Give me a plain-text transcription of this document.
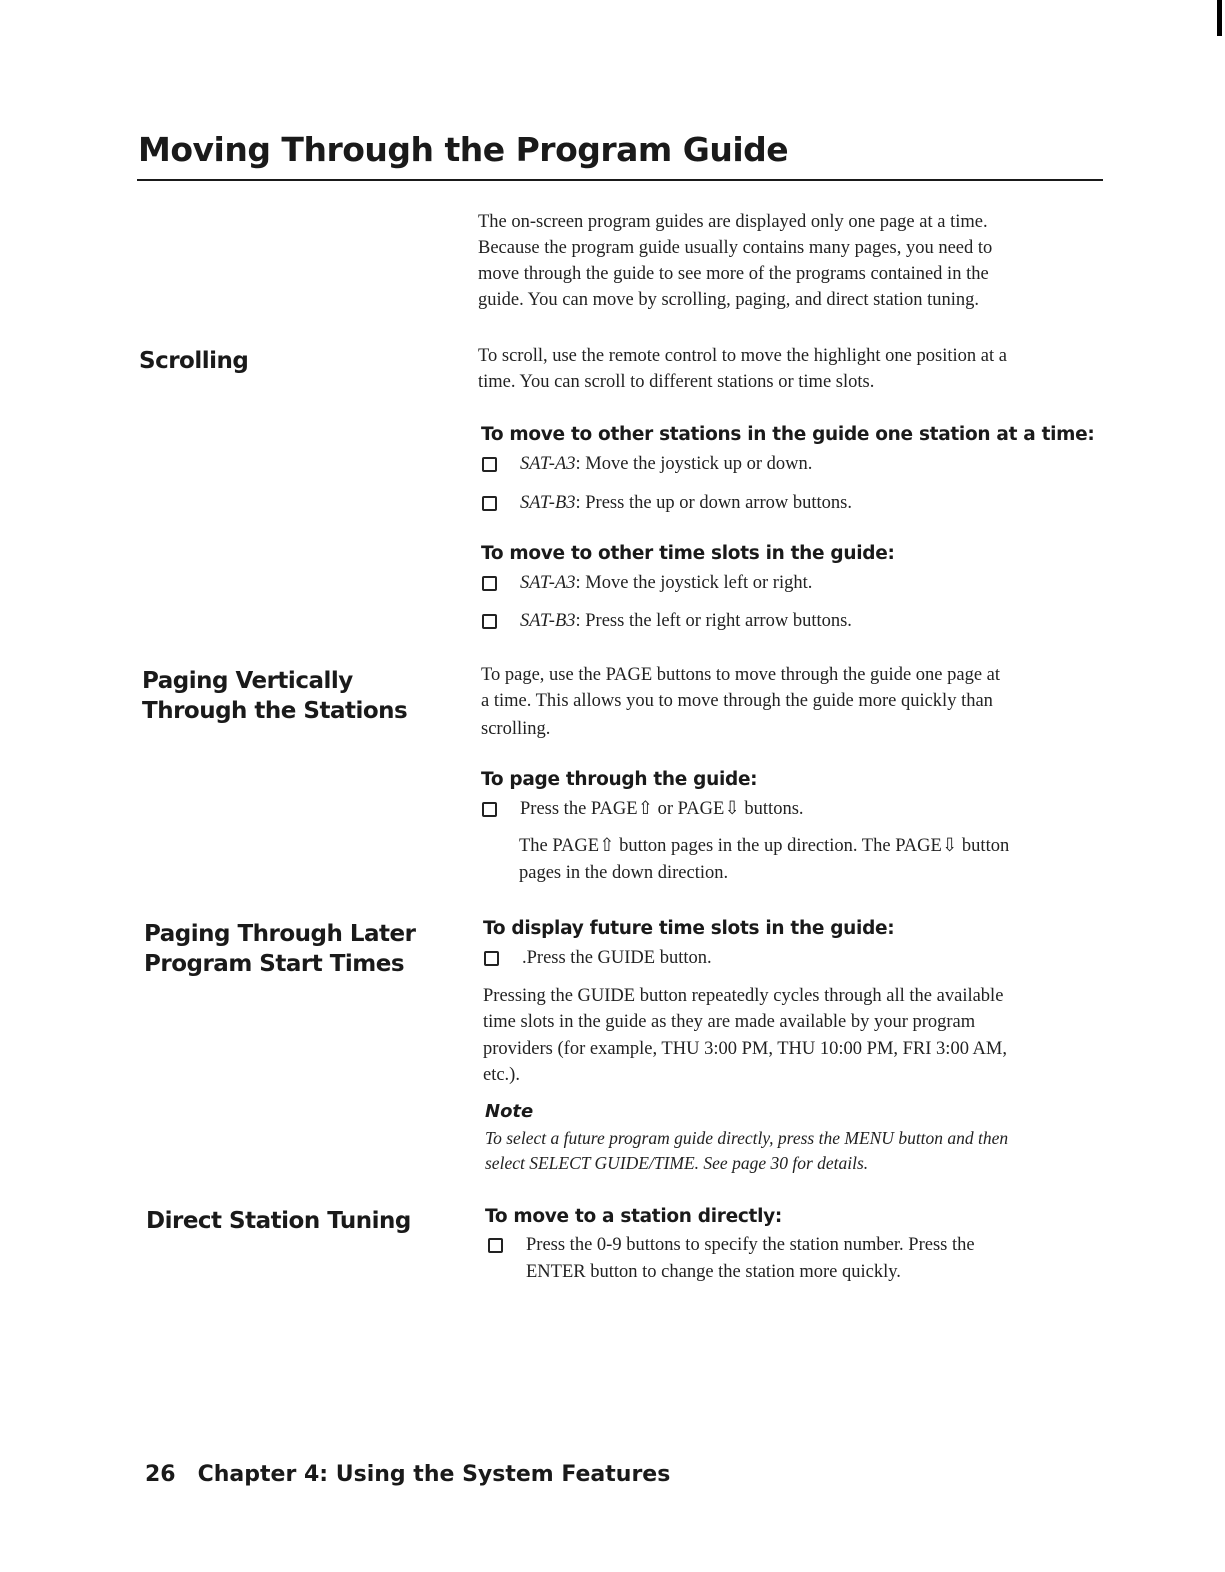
Moving Through the Program Guide

The on-screen program guides are displayed only one page at a time.

Because the program guide usually contains many pages, you need to

move through the guide to see more of the programs contained in the

guide. You can move by scrolling, paging, and direct station tuning.

Scrolling	To scroll, use the remote control to move the highlight one position at a

time. You can scroll to different stations or time slots.

To move to other stations in the guide one station at a time:
SAT-A3: Move the joystick up or down.
SAT-B3: Press the up or down arrow buttons.
To move to other time slots in the guide:
SAT-A3: Move the joystick left or right.
SAT-B3: Press the left or right arrow buttons.
Paging Vertically
Through the Stations

To page, use the PAGE buttons to move through the guide one page at

a time. This allows you to move through the guide more quickly than

scrolling.

To page through the guide:
Press the PAGE⇧ or PAGE⇩ buttons.

The PAGE⇧ button pages in the up direction. The PAGE⇩ button

pages in the down direction.

Paging Through Later
Program Start Times
To display future time slots in the guide:
.Press the GUIDE button.

Pressing the GUIDE button repeatedly cycles through all the available

time slots in the guide as they are made available by your program

providers (for example, THU 3:00 PM, THU 10:00 PM, FRI 3:00 AM,

etc.).

Note

To select a future program guide directly, press the MENU button and then

select SELECT GUIDE/TIME. See page 30 for details.

Direct Station Tuning	To move to a station directly:
Press the 0-9 buttons to specify the station number. Press the
ENTER button to change the station more quickly.

26 Chapter 4: Using the System Features
